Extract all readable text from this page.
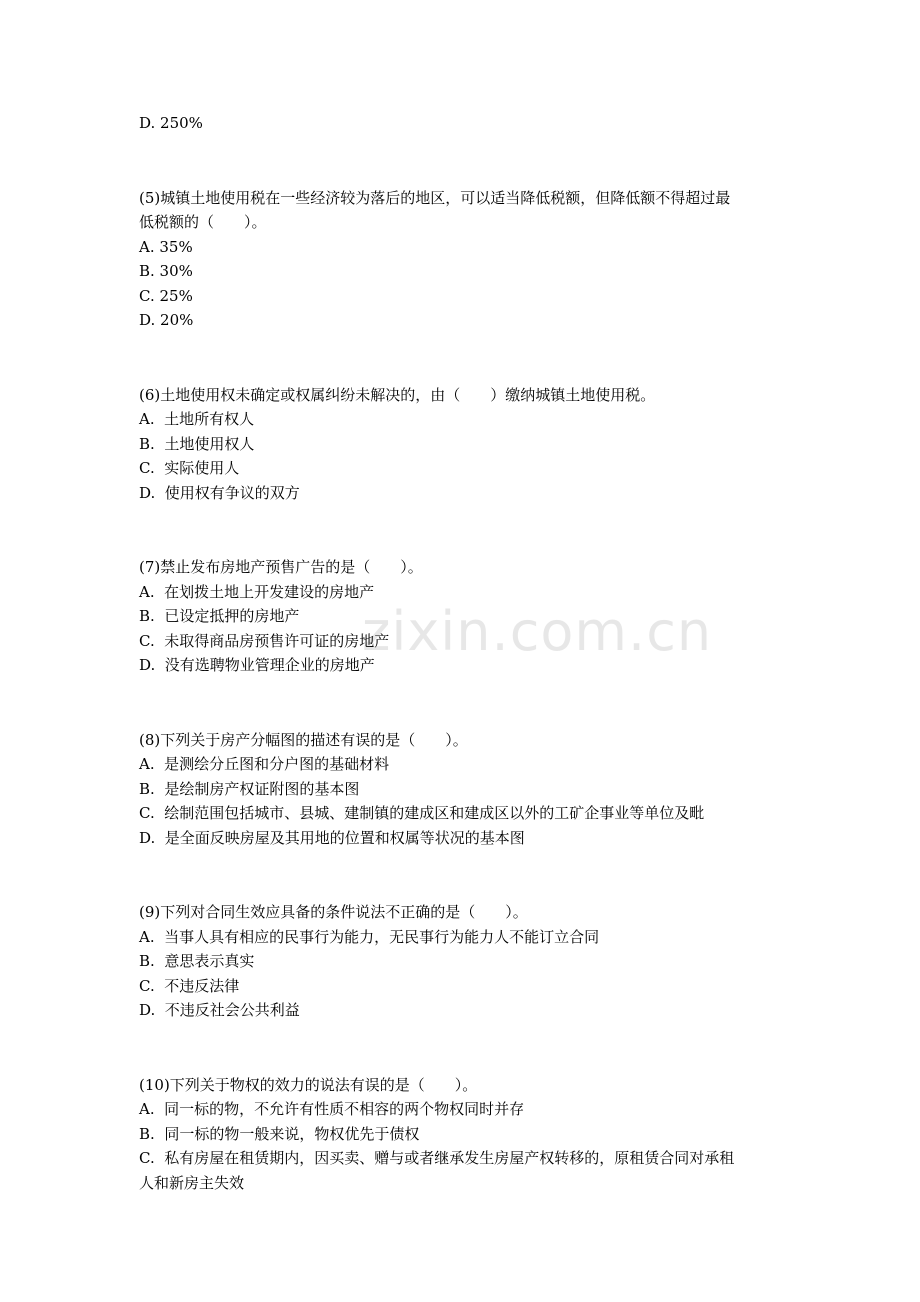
D. 250%

(5)城镇土地使用税在一些经济较为落后的地区，可以适当降低税额，但降低额不得超过最

低税额的（　　）。

A. 35%

B. 30%

C. 25%

D. 20%

(6)土地使用权未确定或权属纠纷未解决的，由（　　）缴纳城镇土地使用税。

A.  土地所有权人

B.  土地使用权人

C.  实际使用人

D.  使用权有争议的双方

(7)禁止发布房地产预售广告的是（　　）。

A.  在划拨土地上开发建设的房地产

B.  已设定抵押的房地产

C.  未取得商品房预售许可证的房地产

D.  没有选聘物业管理企业的房地产

(8)下列关于房产分幅图的描述有误的是（　　）。

A.  是测绘分丘图和分户图的基础材料

B.  是绘制房产权证附图的基本图

C.  绘制范围包括城市、县城、建制镇的建成区和建成区以外的工矿企事业等单位及毗

D.  是全面反映房屋及其用地的位置和权属等状况的基本图

(9)下列对合同生效应具备的条件说法不正确的是（　　）。

A.  当事人具有相应的民事行为能力，无民事行为能力人不能订立合同

B.  意思表示真实

C.  不违反法律

D.  不违反社会公共利益

(10)下列关于物权的效力的说法有误的是（　　）。

A.  同一标的物，不允许有性质不相容的两个物权同时并存

B.  同一标的物一般来说，物权优先于债权

C.  私有房屋在租赁期内，因买卖、赠与或者继承发生房屋产权转移的，原租赁合同对承租

人和新房主失效

zixin.com.cn
